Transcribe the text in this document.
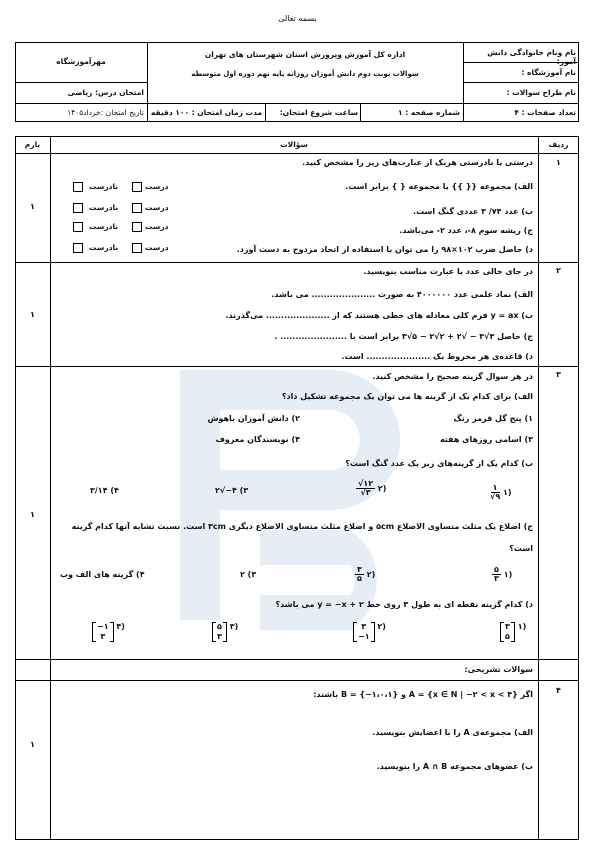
بسمه تعالی
نام ونام خانوادگی دانش آموز:
نام آموزشگاه :
نام طراح سوالات :
تعداد صفحات : ۴
اداره کل آموزش وپرورش استان شهرستان های تهران
سوالات نوبت دوم دانش آموزان روزانه پایه نهم دوره اول متوسطه
شماره صفحه : ۱
ساعت شروع امتحان:
مدت زمان امتحان : ۱۰۰ دقیقه
مهرآموزشگاه
امتحان درس: ریاضی
تاریخ امتحان :خرداد۱۴۰۵
ردیف
سؤالات
بارم
۱
۱
درستی یا نادرستی هریک از عبارت‌های زیر را مشخص کنید.
الف) مجموعه {{ }} یا مجموعه { } برابر است.
ب) عدد ۷۴/ ۳ عددی گنگ است.
ج) ریشه سوم ۸-، عدد ۲- می‌باشد.
د) حاصل ضرب ۱۰۲×۹۸ را می توان با استفاده از اتحاد مزدوج به دست آورد.
درست
نادرست
درست
نادرست
درست
نادرست
درست
نادرست
۲
۱
در جای خالی عدد یا عبارت مناسب بنویسید.
الف) نماد علمی عدد ۴۰۰۰۰۰۰ به صورت ..................... می باشد.
ب) y = ax فرم کلی معادله های خطی هستند که از ..................... می‌گذرند.
ج) حاصل ۳√۳ − √۲ + ۲√۲ − ۵√۳ برابر است با ...................... .
د) قاعده‌ی هر مخروط یک ..................... است.
۳
۱
در هر سوال گزینه صحیح را مشخص کنید.
الف) برای کدام یک از گزینه ها می توان یک مجموعه تشکیل داد؟
۱) پنج گل قرمز رنگ
۲) دانش آموزان باهوش
۳) اسامی روزهای هفته
۴) نویسندگان معروف
ب) کدام یک از گزینه‌های زیر یک عدد گنگ است؟
$\frac{۱}{√۹}$ ۱)
$\frac{√۱۲}{√۳}$ ۲)
۳) ۴−√۲
۴) ۳/۱۴
ج) اضلاع یک مثلث متساوی الاضلاع ۵cm و اضلاع مثلث متساوی الاضلاع دیگری ۳cm است. نسبت تشابه آنها کدام گزینه است؟
$\frac{۵}{۳}$ ۱)
$\frac{۳}{۵}$ ۲)
۳) ۲
۴) گزینه های الف وب
د) کدام گزینه نقطه ای به طول ۳ روی خط y = −x + ۲ می باشد؟
۳
۵
۱)
۳
−۱
۲)
۵
۳
۳)
−۱
۳
۴)
سوالات تشریحی:
۴
۱
اگر A = {x ∈ N | −۲ < x < ۴} و B = {−۱،۰،۱} باشند:
الف) مجموعه‌ی A را با اعضایش بنویسید.
ب) عضوهای مجموعه A ∩ B را بنویسید.
